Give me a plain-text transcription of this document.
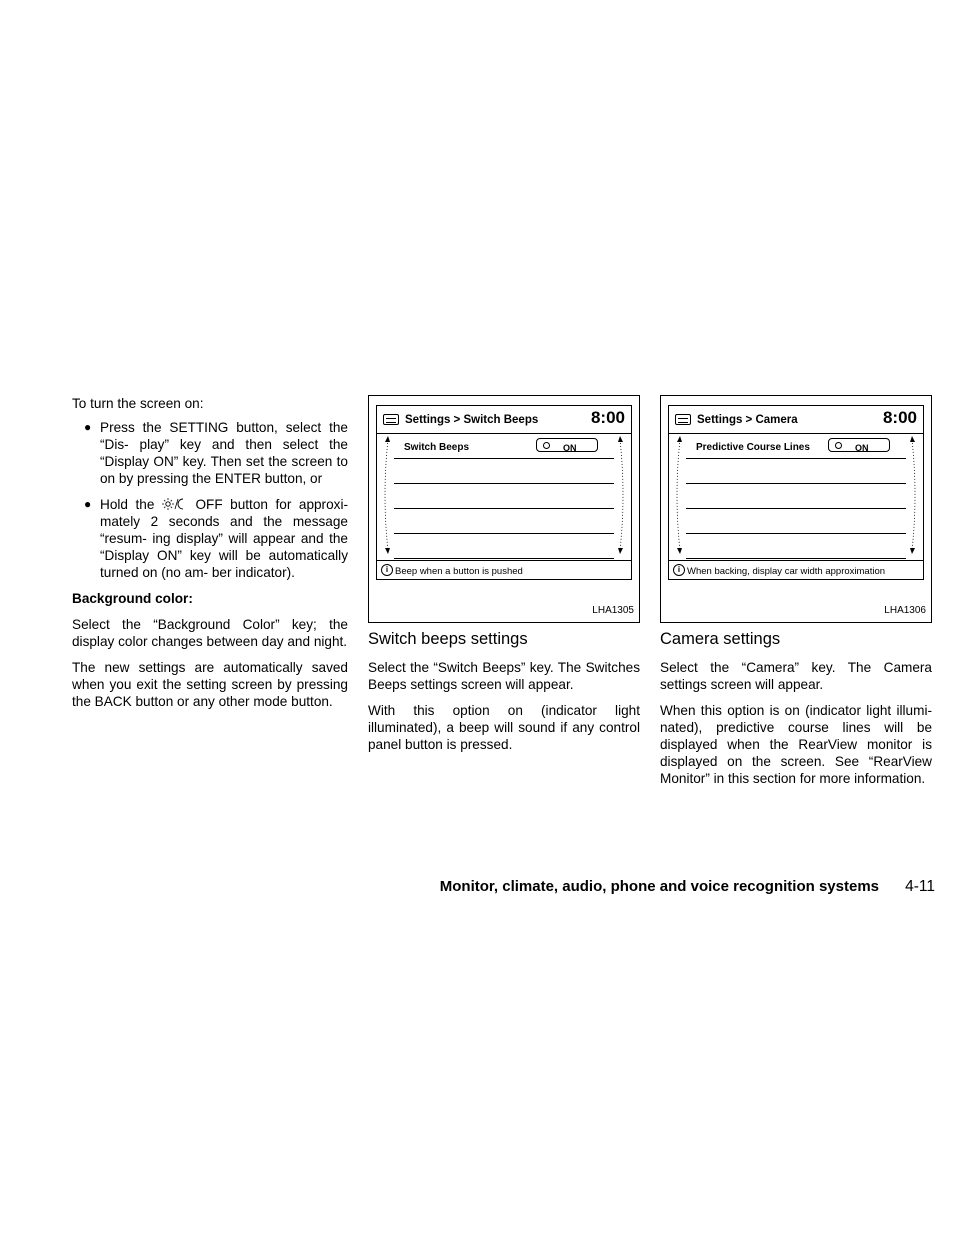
To turn the screen on:

● Press the SETTING button, select the “Dis- play” key and then select the “Display ON” key. Then set the screen to on by pressing the ENTER button, or
● Hold the	OFF button for approxi- mately 2 seconds and the message “resum- ing display” will appear and the “Display ON” key will be automatically turned on (no am- ber indicator).

Background color:

Select the “Background Color” key; the display color changes between day and night.

The new settings are automatically saved when you exit the setting screen by pressing the BACK button or any other mode button.

Settings > Switch Beeps	8:00
Switch Beeps	ON
i Beep when a button is pushed
LHA1305
Switch beeps settings

Select the “Switch Beeps” key. The Switches Beeps settings screen will appear.

With this option on (indicator light illuminated), a beep will sound if any control panel button is pressed.

Settings > Camera	8:00
Predictive Course Lines	ON
i When backing, display car width approximation
LHA1306
Camera settings

Select the “Camera” key. The Camera settings screen will appear.

When this option is on (indicator light illumi- nated), predictive course lines will be displayed when the RearView monitor is displayed on the screen. See “RearView Monitor” in this section for more information.

Monitor, climate, audio, phone and voice recognition systems 4-11
